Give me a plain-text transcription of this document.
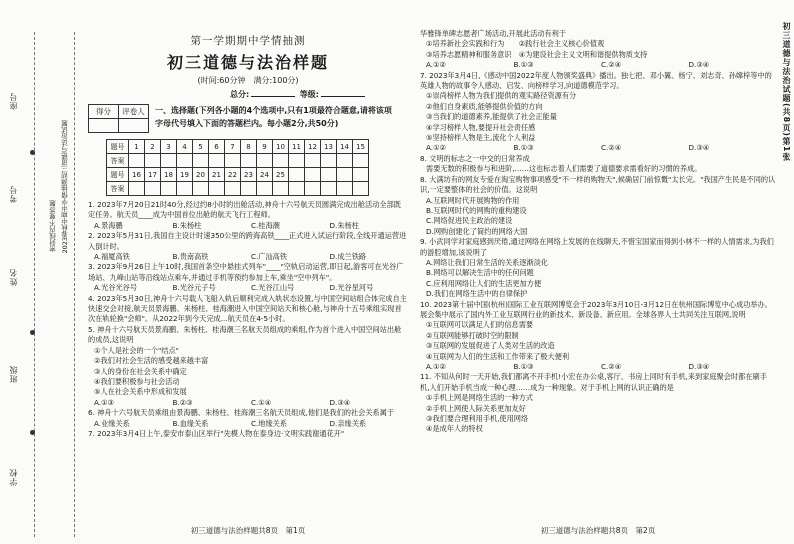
学校
班级
姓名
考号
座号
密封线内不要答题 2023春秋中期中学情抽测初三道德与法治试题
初三道德与法治试题(共8页)第1张
第一学期期中学情抽测
初三道德与法治样题
(时间:60分钟　满分:100分)
总分:	等级:
得分	评卷人
	一、选择题(下列各小题的4个选项中,只有1项最符合题意,请将该项字母代号填入下面的答题栏内。每小题2分,共50分)
题号	1	2	3	4	5	6	7	8	9	10	11	12	13	14	15
答案															
题号	16	17	18	19	20	21	22	23	24	25					
答案															
1. 2023年7月20日21时40分,经过约8小时的出舱活动,神舟十六号航天员圆满完成出舱活动全部既定任务。航天员____成为中国首位出舱的航天飞行工程师。
A.景海鹏	B.朱杨柱	C.桂海潮	D.朱杨柱
2. 2023年5月31日,我国自主设计时速350公里的跨海高铁____正式进入试运行阶段,全线开通运营进入倒计时。
A.福厦高铁	B.贵南高铁	C.广汕高铁	D.成兰铁路
3. 2023年9月26日上午10时,我国首条空中悬挂式列车"____"空轨启动运营,即日起,游客可在光谷广场站、九峰山站等沿线站点乘车,并通过手机等预约参加上车,乘坐"空中列车"。
A.光谷光谷号	B.光谷元子号	C.光谷江山号	D.光谷星河号
4. 2023年5月30日,神舟十六号载人飞船入轨后顺利完成入轨状态设置,与中国空间站组合体完成自主快速交会对接,航天员景海鹏、朱杨柱、桂海潮进入中国空间站天和核心舱,与神舟十五号乘组实现首次在轨轮换"会师"。从2022年到今天完成...航天员在4-5小时。
5. 神舟十六号航天员景海鹏、朱杨柱、桂海潮三名航天员组成的乘组,作为首个进入中国空间站出舱的成员,这说明
①个人是社会的一个"结点"
②我们对社会生活的感受越来越丰富
③人的身份在社会关系中确定
④我们要积极参与社会活动
⑤人在社会关系中形成和发展
A.①③	B.②③	C.①④	D.③④
6. 神舟十六号航天员乘组由景海鹏、朱杨柱、桂海潮三名航天员组成,他们是我们的社会关系属于
A.业缘关系	B.血缘关系	C.地缘关系	D.亲缘关系
7. 2023年3月4日上午,泰安市泰山区举行"先模人物在泰身边·文明实践谢通花开"
初三道德与法治样题共8页　第1页
华雅锋单碑志愿者广场活动,开展此活动有利于
①培养新社会实践和行为　　②践行社会主义核心价值观
③培养志愿精神和服务意识　④为建设社会主义文明和谐提供物质支持
A.①②	B.①③	C.②④	D.③④
7. 2023年3月4日,《感动中国2022年度人物颁奖盛典》播出。独七把、邓小翼、杨宁、刘志奇、孙嫦梓等中的英雄人物的故事令人感动、启发、向榜样学习,向道德模范学习。
①崇尚榜样人物为我们提供的观实路径资源有分
②他们自身素质,能够提供价值的方向
③当我们的道德素养,能提供了社会正能量
④学习榜样人物,要提升社会责任感
⑤坚持榜样人物是主,流化个人利益
A.①②	B.①③	C.②④	D.③④
8. 文明的标志之一中交的日常养成
需要无数的积极参与和进阶,……这也标志着人们需要了道德要求需看好的习惯的养成。
8. 大满坊有的网友专爱在淘宝购物事项感受"不一样的购物天",候确居门前惊慨"太长完。"我国产生民是不同的认识,一定要整体的社会的价值。这说明
A.互联网时代开展购物的作用
B.互联网时代的网购的重构建设
C.网络促进民主政治的建设
D.网购创建化了简约的网络大国
9. 小武同学对家庭感到厌倦,通过网络在网络上发展的在线聊天,不惜宝国家而得到小林不一样的人情需求,为我们的游腔增加,该说明了
A.网络让我们日常生活的关系逐渐淡化
B.网络可以解决生活中的任何问题
C.应利用网络让人们的生活更加方便
D.我们在网络生活中的自律保护
10. 2023第十届中国(杭州)国际工业互联网博览会于2023年3月10日-3月12日在杭州国际博览中心成功举办。展会集中展示了国内外工业互联网行业的新技术、新设备、新应用。全球各界人士共同关注互联网,说明
①互联网可以满足人们的信息需要
②互联网能够打破时空的限制
③互联网的发展促进了人类对生活的改造
④互联网为人们的生活和工作带来了极大便利
A.①②	B.①③	C.②④	D.③④
11. 不知从何时一天开始,我们都离不开手机!小宏在办公桌,客厅、书房上同时有手机,来到家庭聚会时都在刷手机,人们开始手机当成一种心理……成为一种现象。对于手机上网的认识正确的是
①手机上网是网络生活的一种方式
②手机上网使人际关系更加友好
③我们要合理利用手机,使用网络
④是成年人的特权
初三道德与法治样题共8页　第2页
